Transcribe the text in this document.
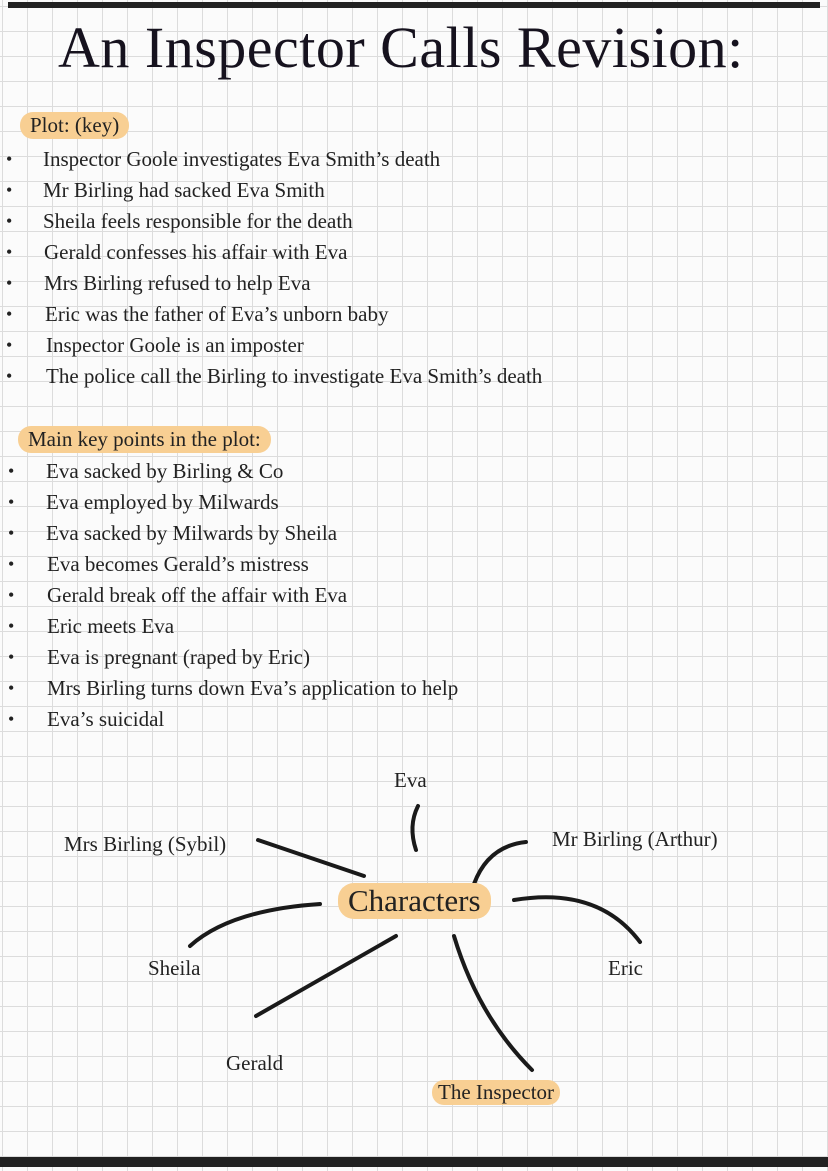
An Inspector Calls Revision:
Plot: (key)
• Inspector Goole investigates Eva Smith’s death
• Mr Birling had sacked Eva Smith
• Sheila feels responsible for the death
• Gerald confesses his affair with Eva
• Mrs Birling refused to help Eva
• Eric was the father of Eva’s unborn baby
• Inspector Goole is an imposter
• The police call the Birling to investigate Eva Smith’s death
Main key points in the plot:
• Eva sacked by Birling & Co
• Eva employed by Milwards
• Eva sacked by Milwards by Sheila
• Eva becomes Gerald’s mistress
• Gerald break off the affair with Eva
• Eric meets Eva
• Eva is pregnant (raped by Eric)
• Mrs Birling turns down Eva’s application to help
• Eva’s suicidal
Eva
Mrs Birling (Sybil)	Mr Birling (Arthur)
Characters
Sheila	Eric
Gerald
The Inspector
